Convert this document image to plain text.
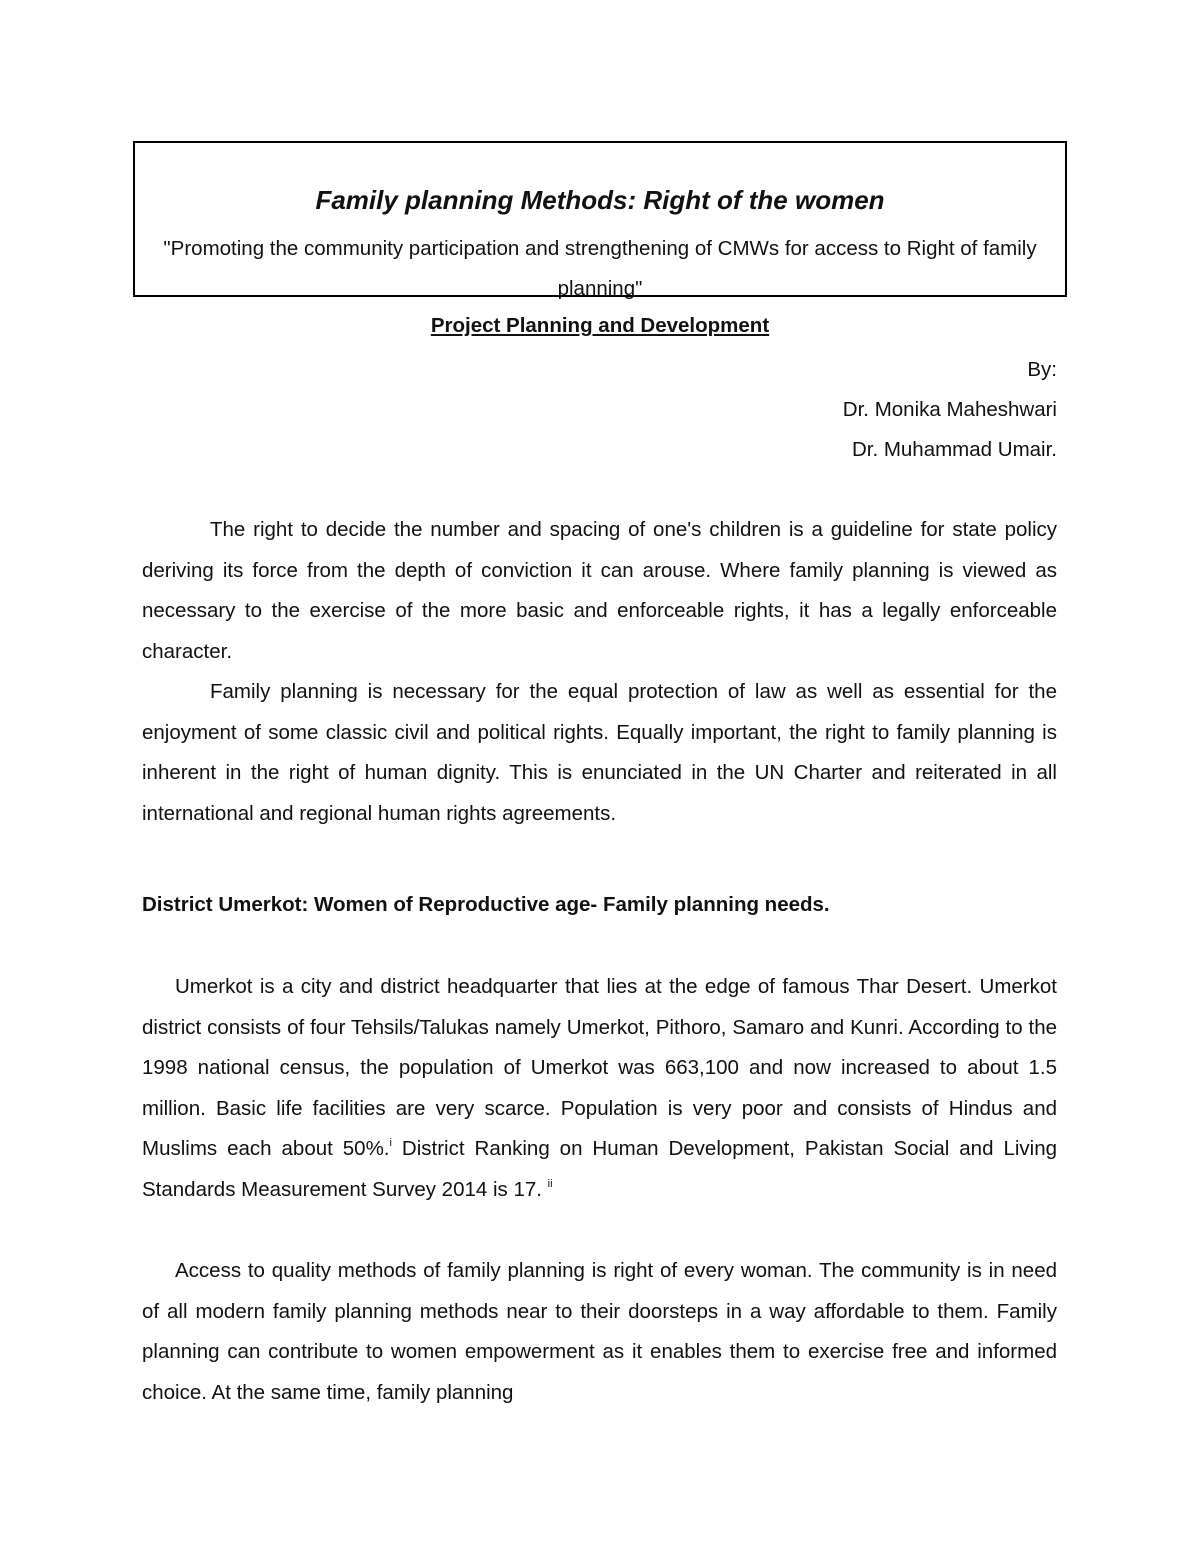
Family planning Methods: Right of the women

"Promoting the community participation and strengthening of CMWs for access to Right of family planning"

Project Planning and Development
By:
Dr. Monika Maheshwari
Dr. Muhammad Umair.

The right to decide the number and spacing of one's children is a guideline for state policy deriving its force from the depth of conviction it can arouse. Where family planning is viewed as necessary to the exercise of the more basic and enforceable rights, it has a legally enforceable character.

Family planning is necessary for the equal protection of law as well as essential for the enjoyment of some classic civil and political rights. Equally important, the right to family planning is inherent in the right of human dignity. This is enunciated in the UN Charter and reiterated in all international and regional human rights agreements.

District Umerkot: Women of Reproductive age- Family planning needs.

Umerkot is a city and district headquarter that lies at the edge of famous Thar Desert. Umerkot district consists of four Tehsils/Talukas namely Umerkot, Pithoro, Samaro and Kunri. According to the 1998 national census, the population of Umerkot was 663,100 and now increased to about 1.5 million. Basic life facilities are very scarce. Population is very poor and consists of Hindus and Muslims each about 50%.$^i$ District Ranking on Human Development, Pakistan Social and Living Standards Measurement Survey 2014 is 17. $^{ii}$

Access to quality methods of family planning is right of every woman. The community is in need of all modern family planning methods near to their doorsteps in a way affordable to them. Family planning can contribute to women empowerment as it enables them to exercise free and informed choice. At the same time, family planning
